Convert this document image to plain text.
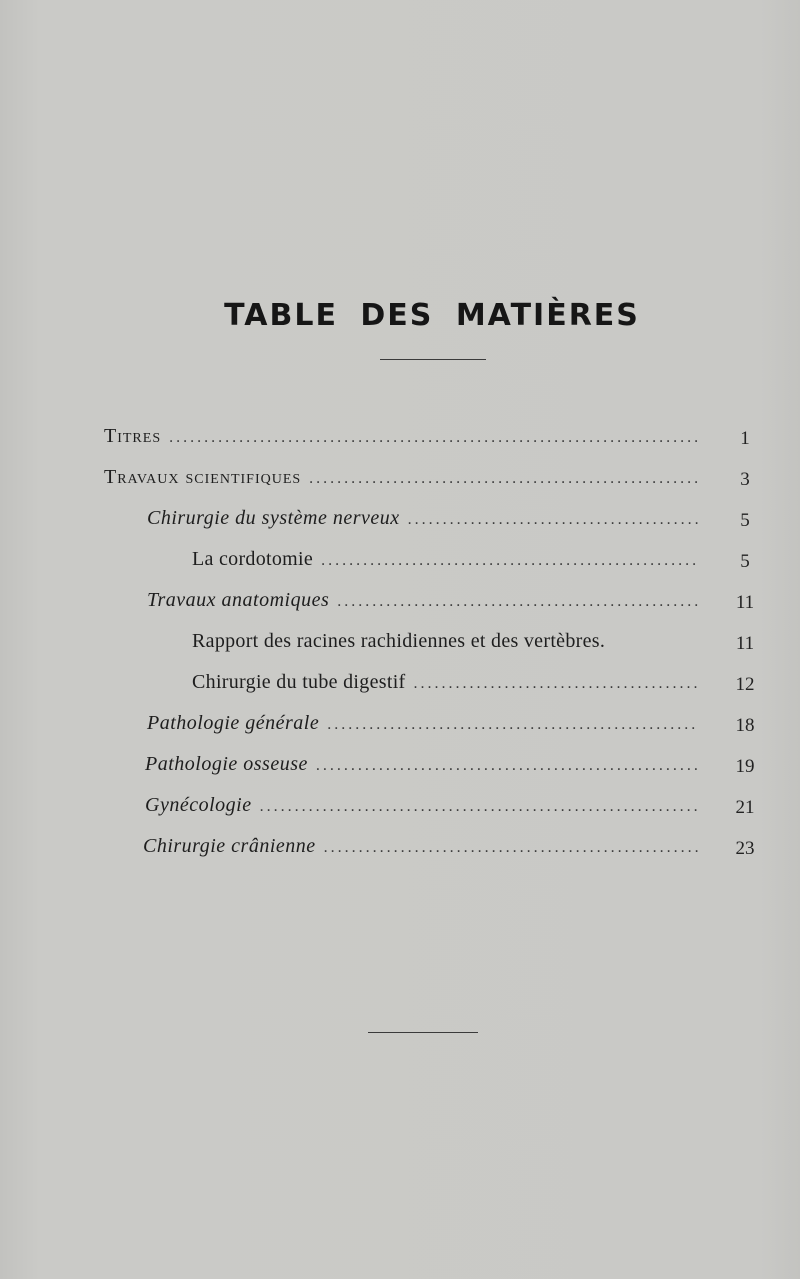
TABLE DES MATIÈRES
Titres .....	1
Travaux scientifiques .....	3
Chirurgie du système nerveux .....	5
La cordotomie .....	5
Travaux anatomiques .....	11
Rapport des racines rachidiennes et des vertèbres.	11
Chirurgie du tube digestif .....	12
Pathologie générale .....	18
Pathologie osseuse .....	19
Gynécologie .....	21
Chirurgie crânienne .....	23
